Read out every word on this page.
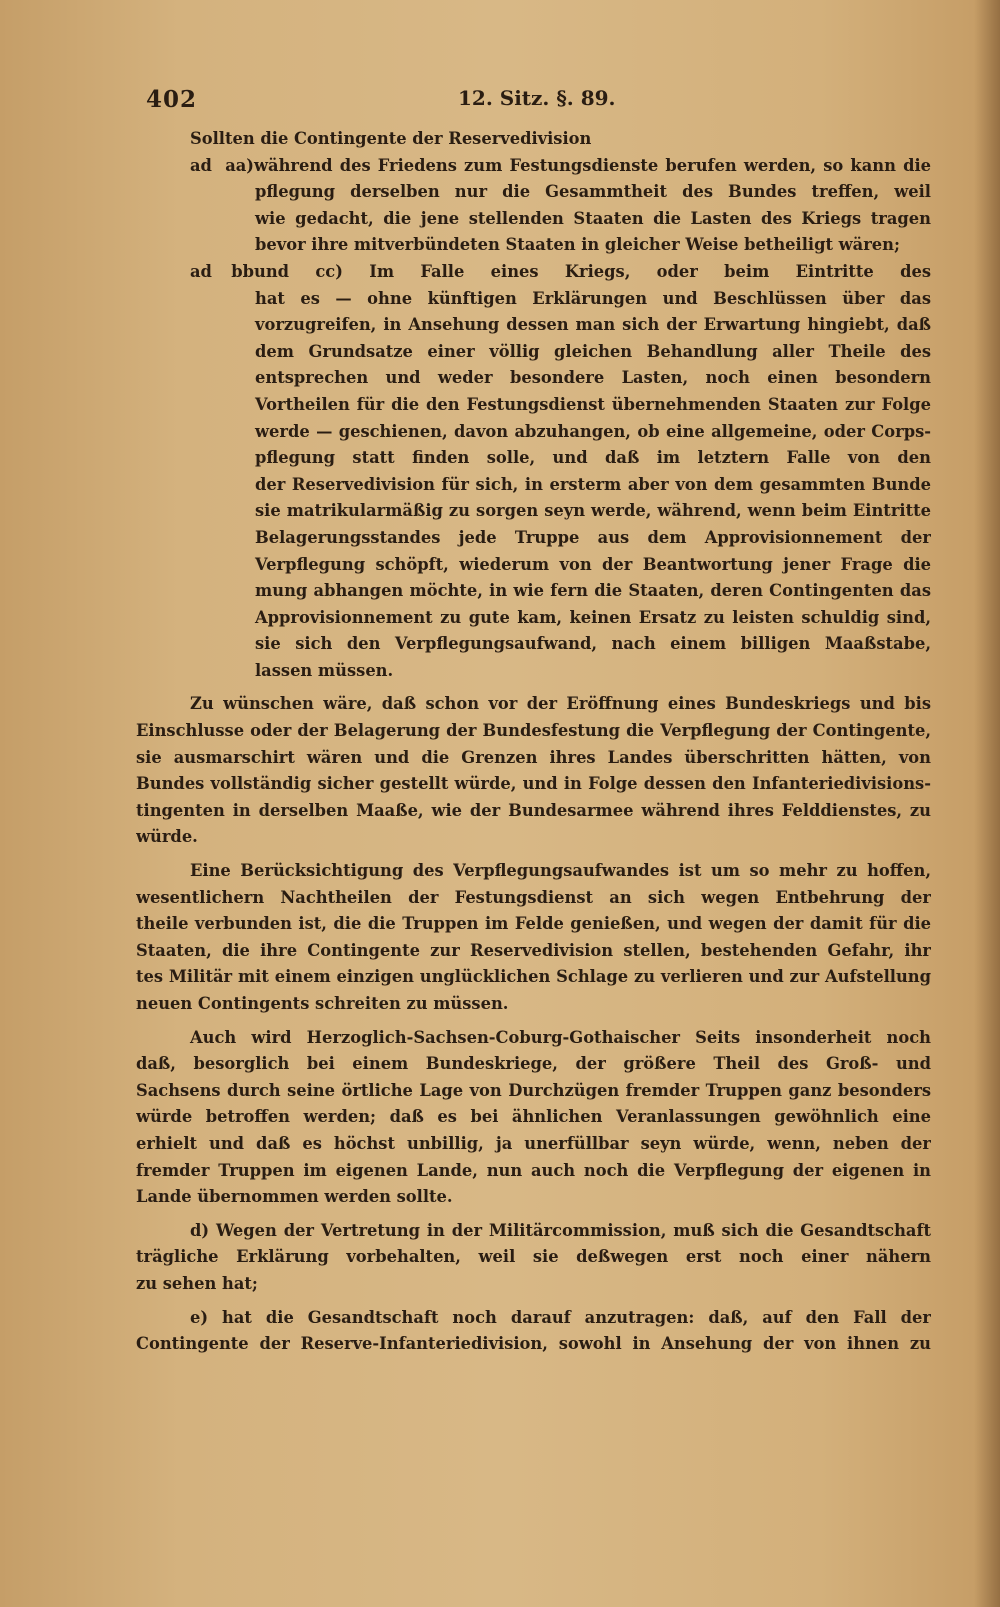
402	12. Sitz. §. 89.
Sollten die Contingente der Reservedivision
ad aa)während des Friedens zum Festungsdienste berufen werden, so kann die
pflegung derselben nur die Gesammtheit des Bundes treffen, weil
wie gedacht, die jene stellenden Staaten die Lasten des Kriegs tragen
bevor ihre mitverbündeten Staaten in gleicher Weise betheiligt wären;
ad bbund cc) Im Falle eines Kriegs, oder beim Eintritte des
hat es — ohne künftigen Erklärungen und Beschlüssen über das
vorzugreifen, in Ansehung dessen man sich der Erwartung hingiebt, daß
dem Grundsatze einer völlig gleichen Behandlung aller Theile des
entsprechen und weder besondere Lasten, noch einen besondern
Vortheilen für die den Festungsdienst übernehmenden Staaten zur Folge
werde — geschienen, davon abzuhangen, ob eine allgemeine, oder Corps-
pflegung statt finden solle, und daß im letztern Falle von den
der Reservedivision für sich, in ersterm aber von dem gesammten Bunde
sie matrikularmäßig zu sorgen seyn werde, während, wenn beim Eintritte
Belagerungsstandes jede Truppe aus dem Approvisionnement der
Verpflegung schöpft, wiederum von der Beantwortung jener Frage die
mung abhangen möchte, in wie fern die Staaten, deren Contingenten das
Approvisionnement zu gute kam, keinen Ersatz zu leisten schuldig sind,
sie sich den Verpflegungsaufwand, nach einem billigen Maaßstabe,
lassen müssen.
Zu wünschen wäre, daß schon vor der Eröffnung eines Bundeskriegs und bis
Einschlusse oder der Belagerung der Bundesfestung die Verpflegung der Contingente,
sie ausmarschirt wären und die Grenzen ihres Landes überschritten hätten, von
Bundes vollständig sicher gestellt würde, und in Folge dessen den Infanteriedivisions-
tingenten in derselben Maaße, wie der Bundesarmee während ihres Felddienstes, zu
würde.
Eine Berücksichtigung des Verpflegungsaufwandes ist um so mehr zu hoffen,
wesentlichern Nachtheilen der Festungsdienst an sich wegen Entbehrung der
theile verbunden ist, die die Truppen im Felde genießen, und wegen der damit für die
Staaten, die ihre Contingente zur Reservedivision stellen, bestehenden Gefahr, ihr
tes Militär mit einem einzigen unglücklichen Schlage zu verlieren und zur Aufstellung
neuen Contingents schreiten zu müssen.
Auch wird Herzoglich-Sachsen-Coburg-Gothaischer Seits insonderheit noch
daß, besorglich bei einem Bundeskriege, der größere Theil des Groß- und
Sachsens durch seine örtliche Lage von Durchzügen fremder Truppen ganz besonders
würde betroffen werden; daß es bei ähnlichen Veranlassungen gewöhnlich eine
erhielt und daß es höchst unbillig, ja unerfüllbar seyn würde, wenn, neben der
fremder Truppen im eigenen Lande, nun auch noch die Verpflegung der eigenen in
Lande übernommen werden sollte.
d) Wegen der Vertretung in der Militärcommission, muß sich die Gesandtschaft
trägliche Erklärung vorbehalten, weil sie deßwegen erst noch einer nähern
zu sehen hat;
e) hat die Gesandtschaft noch darauf anzutragen: daß, auf den Fall der
Contingente der Reserve-Infanteriedivision, sowohl in Ansehung der von ihnen zu
